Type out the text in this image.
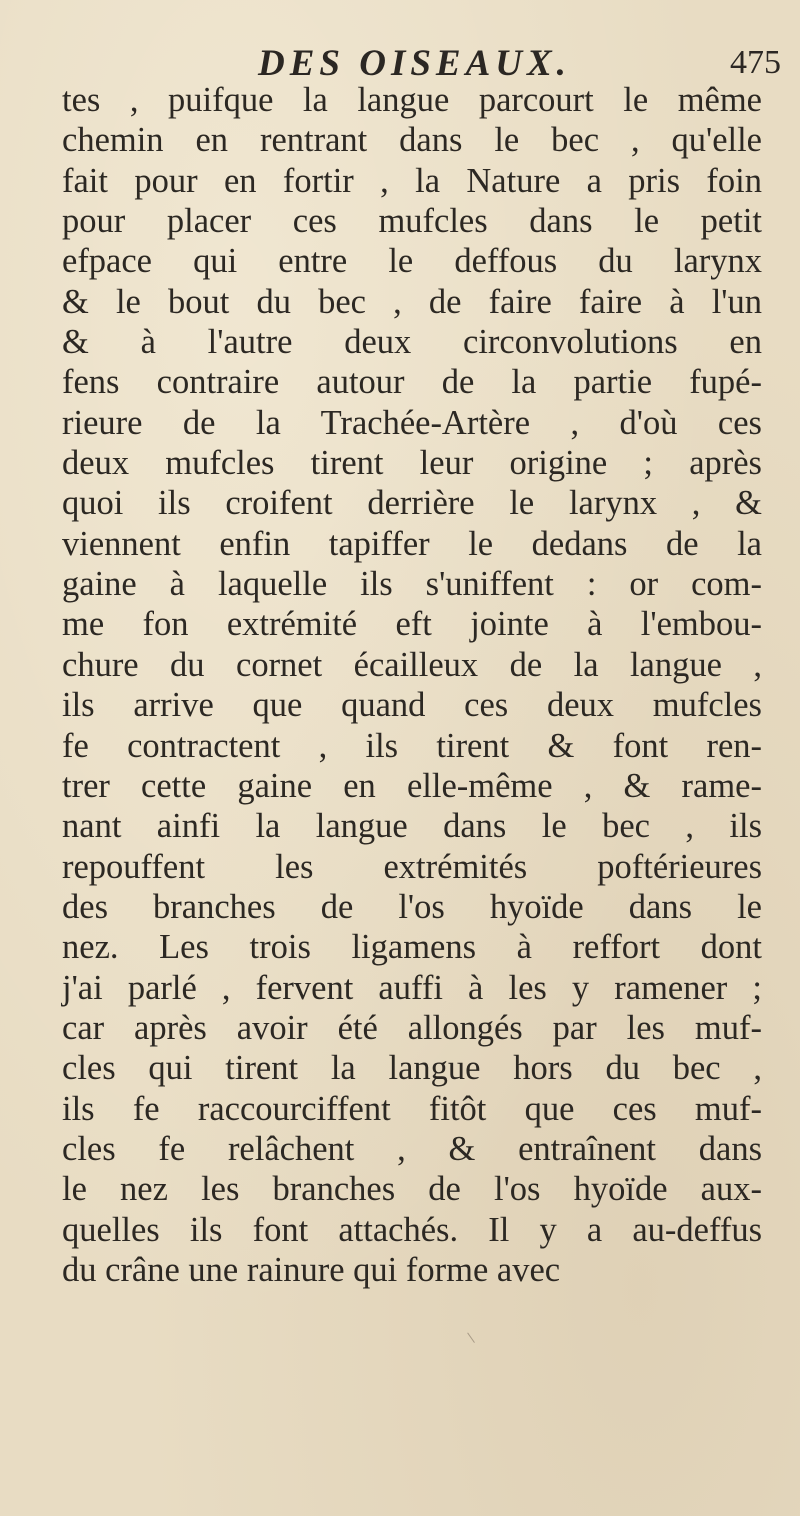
DES OISEAUX.	475
tes , puifque la langue parcourt le même
chemin en rentrant dans le bec , qu'elle
fait pour en fortir , la Nature a pris foin
pour placer ces mufcles dans le petit
efpace qui entre le deffous du larynx
& le bout du bec , de faire faire à l'un
& à l'autre deux circonvolutions en
fens contraire autour de la partie fupé-
rieure de la Trachée-Artère , d'où ces
deux mufcles tirent leur origine ; après
quoi ils croifent derrière le larynx , &
viennent enfin tapiffer le dedans de la
gaine à laquelle ils s'uniffent : or com-
me fon extrémité eft jointe à l'embou-
chure du cornet écailleux de la langue ,
ils arrive que quand ces deux mufcles
fe contractent , ils tirent & font ren-
trer cette gaine en elle-même , & rame-
nant ainfi la langue dans le bec , ils
repouffent les extrémités poftérieures
des branches de l'os hyoïde dans le
nez. Les trois ligamens à reffort dont
j'ai parlé , fervent auffi à les y ramener ;
car après avoir été allongés par les muf-
cles qui tirent la langue hors du bec ,
ils fe raccourciffent fitôt que ces muf-
cles fe relâchent , & entraînent dans
le nez les branches de l'os hyoïde aux-
quelles ils font attachés. Il y a au-deffus
du crâne une rainure qui forme avec
